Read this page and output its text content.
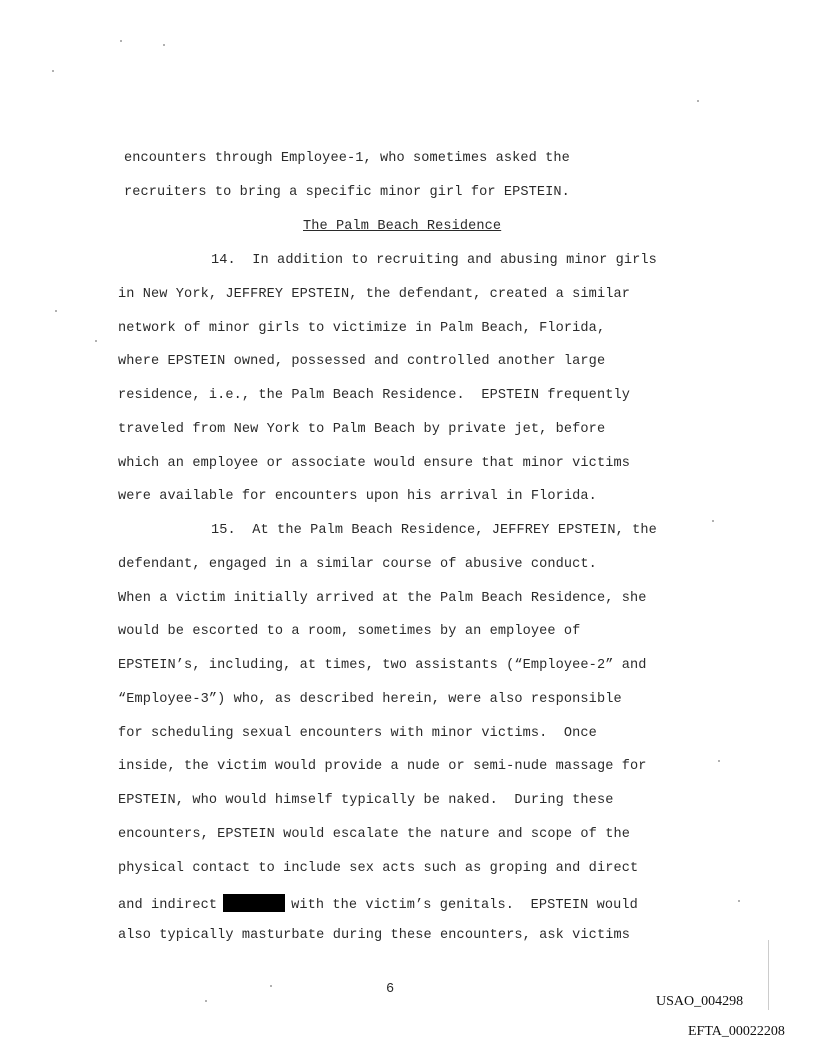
encounters through Employee-1, who sometimes asked the
recruiters to bring a specific minor girl for EPSTEIN.
The Palm Beach Residence
14.  In addition to recruiting and abusing minor girls
in New York, JEFFREY EPSTEIN, the defendant, created a similar
network of minor girls to victimize in Palm Beach, Florida,
where EPSTEIN owned, possessed and controlled another large
residence, i.e., the Palm Beach Residence.  EPSTEIN frequently
traveled from New York to Palm Beach by private jet, before
which an employee or associate would ensure that minor victims
were available for encounters upon his arrival in Florida.
15.  At the Palm Beach Residence, JEFFREY EPSTEIN, the
defendant, engaged in a similar course of abusive conduct.
When a victim initially arrived at the Palm Beach Residence, she
would be escorted to a room, sometimes by an employee of
EPSTEIN’s, including, at times, two assistants (“Employee-2” and
“Employee-3”) who, as described herein, were also responsible
for scheduling sexual encounters with minor victims.  Once
inside, the victim would provide a nude or semi-nude massage for
EPSTEIN, who would himself typically be naked.  During these
encounters, EPSTEIN would escalate the nature and scope of the
physical contact to include sex acts such as groping and direct
and indirect	with the victim’s genitals.  EPSTEIN would
also typically masturbate during these encounters, ask victims
6
USAO_004298
EFTA_00022208
